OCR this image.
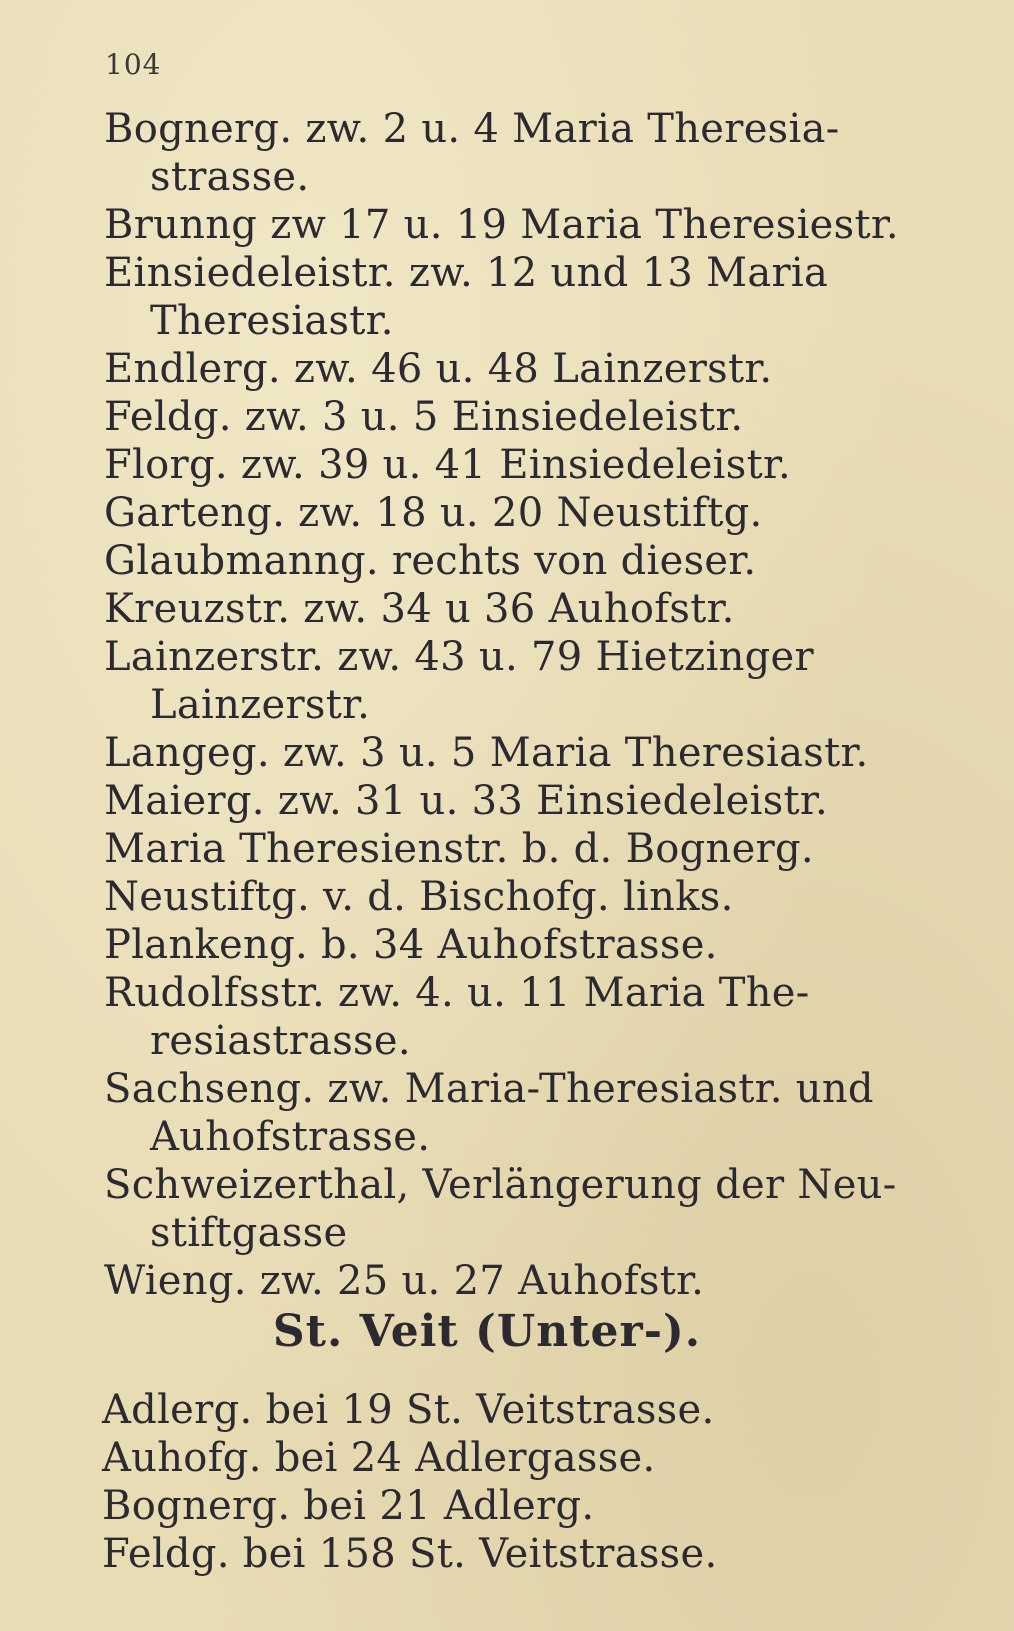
104
Bognerg. zw. 2 u. 4 Maria Theresia-
strasse.
Brunng zw 17 u. 19 Maria Theresiestr.
Einsiedeleistr. zw. 12 und 13 Maria
Theresiastr.
Endlerg. zw. 46 u. 48 Lainzerstr.
Feldg. zw. 3 u. 5 Einsiedeleistr.
Florg. zw. 39 u. 41 Einsiedeleistr.
Garteng. zw. 18 u. 20 Neustiftg.
Glaubmanng. rechts von dieser.
Kreuzstr. zw. 34 u 36 Auhofstr.
Lainzerstr. zw. 43 u. 79 Hietzinger
Lainzerstr.
Langeg. zw. 3 u. 5 Maria Theresiastr.
Maierg. zw. 31 u. 33 Einsiedeleistr.
Maria Theresienstr. b. d. Bognerg.
Neustiftg. v. d. Bischofg. links.
Plankeng. b. 34 Auhofstrasse.
Rudolfsstr. zw. 4. u. 11 Maria The-
resiastrasse.
Sachseng. zw. Maria-Theresiastr. und
Auhofstrasse.
Schweizerthal, Verlängerung der Neu-
stiftgasse
Wieng. zw. 25 u. 27 Auhofstr.
St. Veit (Unter-).
Adlerg. bei 19 St. Veitstrasse.
Auhofg. bei 24 Adlergasse.
Bognerg. bei 21 Adlerg.
Feldg. bei 158 St. Veitstrasse.
